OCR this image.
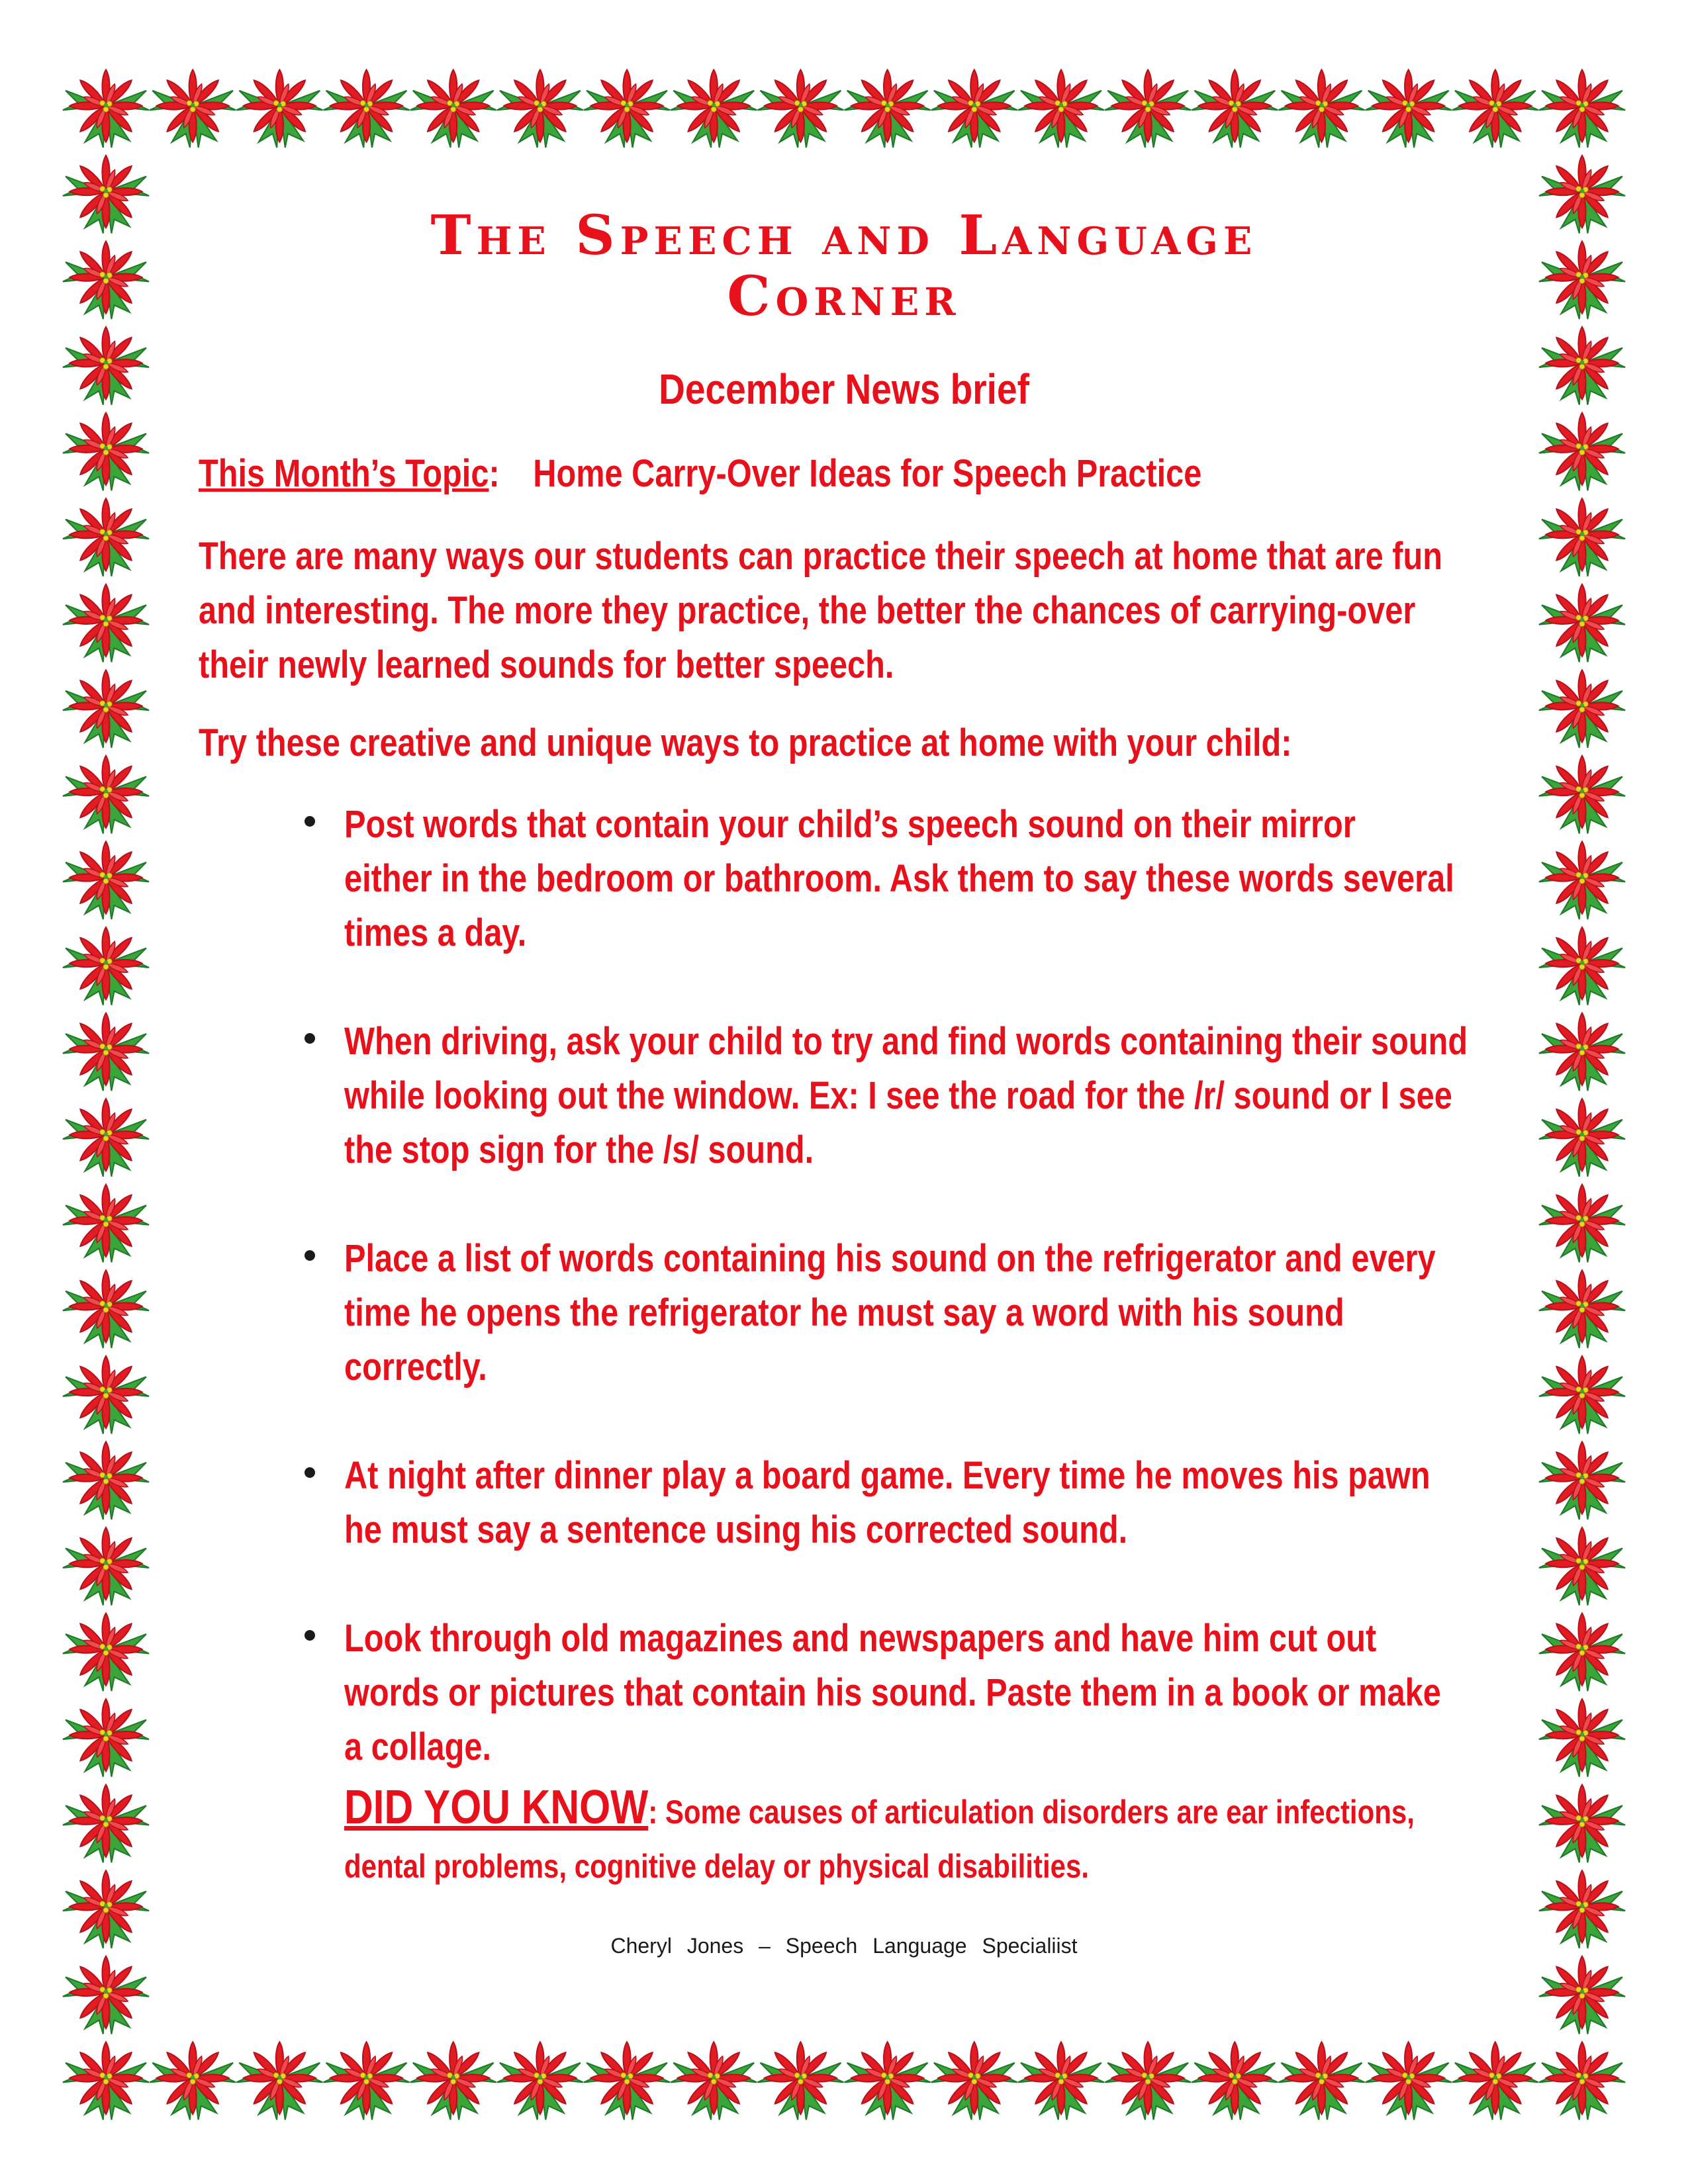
The Speech and Language
Corner
December News brief
This Month’s Topic: Home Carry-Over Ideas for Speech Practice
There are many ways our students can practice their speech at home that are fun
and interesting. The more they practice, the better the chances of carrying-over
their newly learned sounds for better speech.
Try these creative and unique ways to practice at home with your child:
Post words that contain your child’s speech sound on their mirror
either in the bedroom or bathroom. Ask them to say these words several
times a day.
When driving, ask your child to try and find words containing their sound
while looking out the window. Ex: I see the road for the /r/ sound or I see
the stop sign for the /s/ sound.
Place a list of words containing his sound on the refrigerator and every
time he opens the refrigerator he must say a word with his sound
correctly.
At night after dinner play a board game. Every time he moves his pawn
he must say a sentence using his corrected sound.
Look through old magazines and newspapers and have him cut out
words or pictures that contain his sound. Paste them in a book or make
a collage.
DID YOU KNOW: Some causes of articulation disorders are ear infections,
dental problems, cognitive delay or physical disabilities.
Cheryl Jones – Speech Language Specialiist
